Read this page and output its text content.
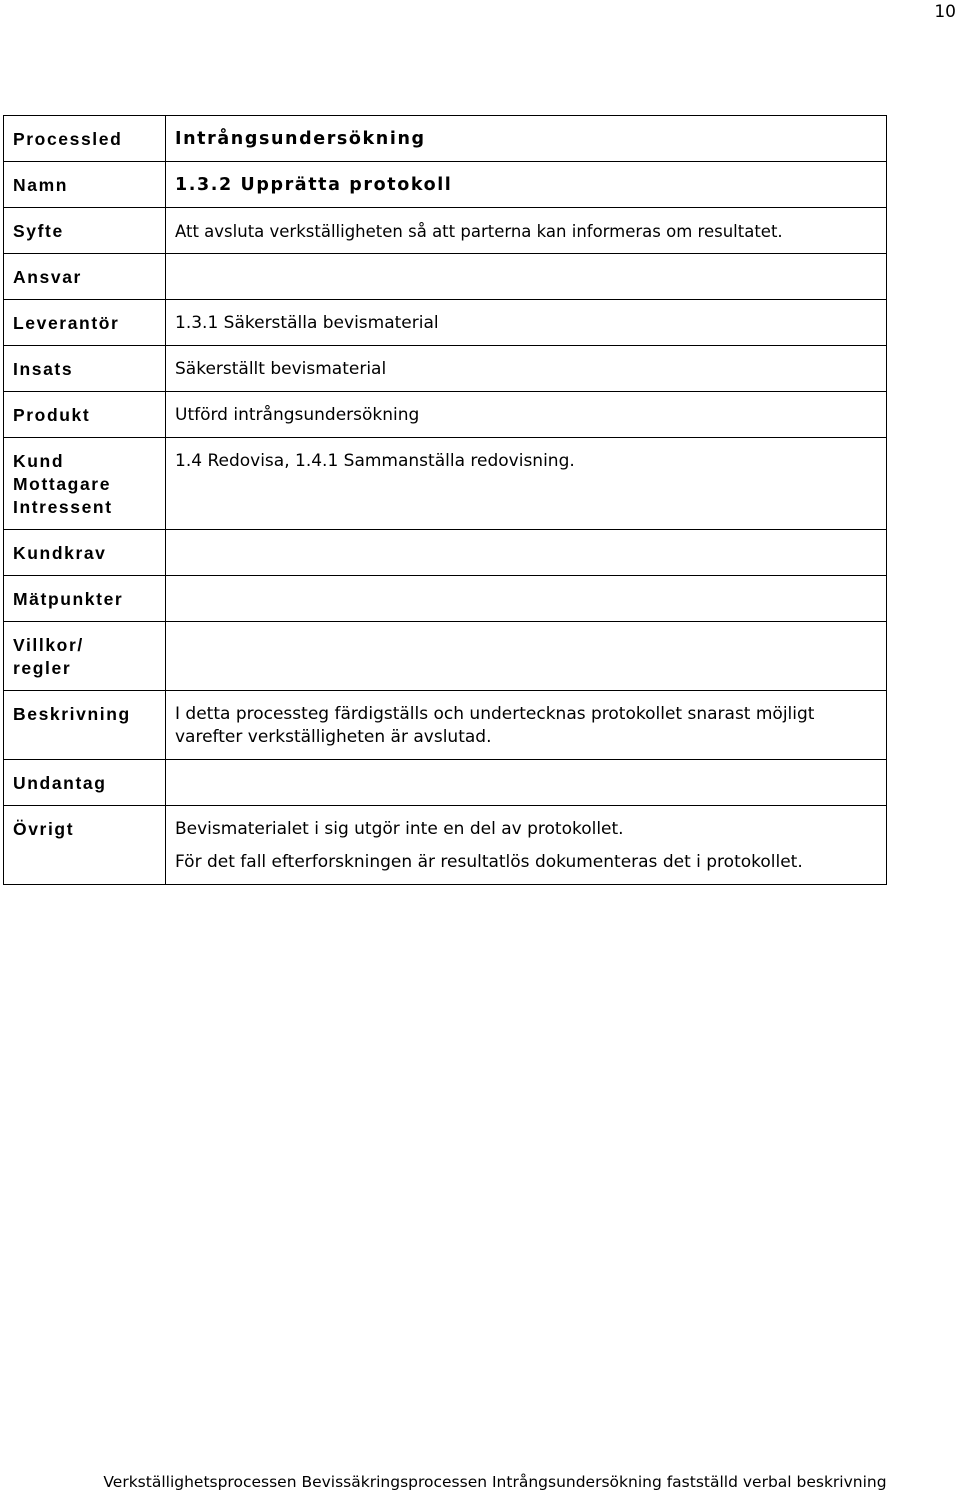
10
Processled	Intrångsundersökning
Namn	1.3.2 Upprätta protokoll
Syfte	Att avsluta verkställigheten så att parterna kan informeras om resultatet.
Ansvar	
Leverantör	1.3.1 Säkerställa bevismaterial
Insats	Säkerställt bevismaterial
Produkt	Utförd intrångsundersökning

Kund
Mottagare
Intressent	1.4 Redovisa, 1.4.1 Sammanställa redovisning.
Kundkrav	
Mätpunkter	

Villkor/
regler	

Beskrivning	I detta processteg färdigställs och undertecknas protokollet snarast möjligt varefter verkställigheten är avslutad.
Undantag	
Övrigt	Bevismaterialet i sig utgör inte en del av protokollet.

För det fall efterforskningen är resultatlös dokumenteras det i protokollet.

Verkställighetsprocessen Bevissäkringsprocessen Intrångsundersökning fastställd verbal beskrivning
